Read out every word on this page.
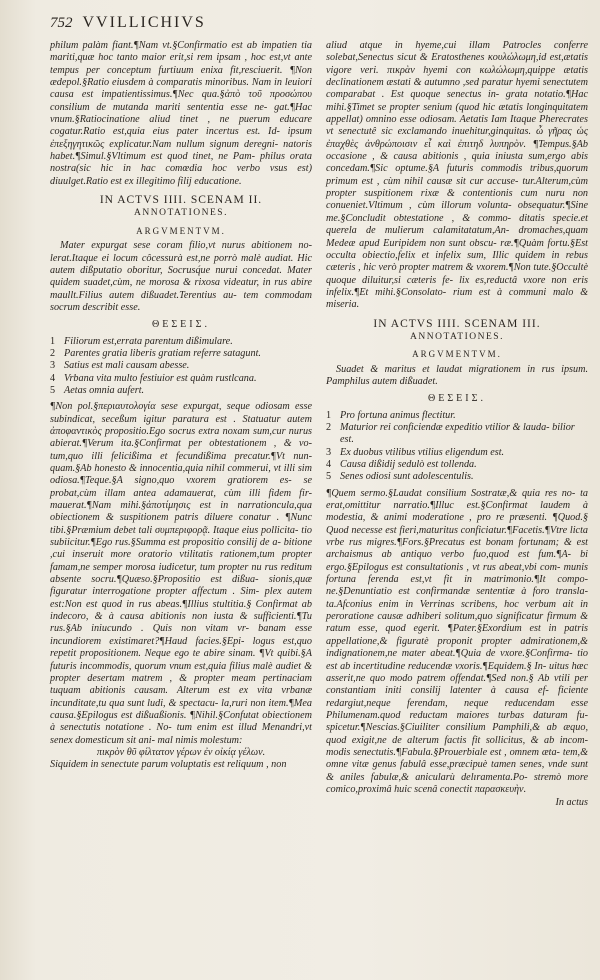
752 VVILLICHIVS

philum palàm fiant.¶Nam vt.§Confirmatio est ab impatien tia mariti,quæ hoc tanto maior erit,si rem ipsam , hoc est,vt ante tempus per conceptum furtiuum enixa fit,resciuerit. ¶Non ædepol.§Ratio eiusdem à comparatis minoribus. Nam in leuiori causa est impatientissimus.¶Nec qua.§ἀπὸ τοῦ προσώπου consilium de mutanda mariti sententia esse ne- gat.¶Hac vnum.§Ratiocinatione aliud tinet , ne puerum educare cogatur.Ratio est,quia eius pater incertus est. Id- ipsum ἐπεξηγητικῶς explicatur.Nam nullum signum deregni- natoris habet.¶Simul.§Vltimum est quod tinet, ne Pam- philus orata nostra(sic hic in hac comœdia hoc verbo vsus est) diuulget.Ratio est ex illegitimo filij educatione.

IN ACTVS IIII. SCENAM II.
ANNOTATIONES.
ARGVMENTVM.

Mater expurgat sese coram filio,vt nurus abitionem no- lerat.Itaque ei locum côcessurà est,ne porrò malè audiat. Hic autem dißputatio oboritur, Socrusq́ue nurui concedat. Mater quidem suadet,cùm, ne morosa & rixosa videatur, in rus abire maullt.Filius autem dißuadet.Terentius au- tem commodam socrum describit esse.

ΘΕΣΕΙΣ.
1 Filiorum est,errata parentum dißimulare.
2 Parentes gratia liberis gratiam referre satagunt.
3 Satius est mali causam abesse.
4 Vrbana vita multo festiuior est quàm rustlcana.
5 Aetas omnia aufert.

¶Non pol.§περιαυτολογία sese expurgat, seque odiosam esse subindicat, seceßum igitur paratura est . Statuatur autem ἀποφαντικὸς propositio.Ego socrus extra noxam sum,cur nurus abierat.¶Verum ita.§Confirmat per obtestationem , & vo- tum,quo illi felicißima et fecundißima precatur.¶Vt nun- quam.§Ab honesto & innocentia,quia nihil commerui, vt illi sim odiosa.¶Teque.§A signo,quo vxorem gratiorem es- se probat,cùm illam antea adamauerat, cùm illi fidem fir- mauerat.¶Nam mihi.§ἀποτίμησις est in narrationcula,qua obiectionem & suspitionem patris diluere conatur . ¶Nunc tibi.§Præmium debet tali συμπεριφορᾷ. Itaque eius pollicita- tio subiicitur.¶Ego rus.§Summa est propositio consilij de a- bitione ,cui inseruit more oratorio vtilitatis rationem,tum propter famam,ne semper morosa iudicetur, tum propter nu rus reditum absente socru.¶Quæso.§Propositio est dißua- sionis,quæ figuratur interrogatione propter affectum . Sim- plex autem est:Non est quod in rus abeas.¶Illius stultitia.§ Confirmat ab indecoro, & à causa abitionis non iusta & sufficienti.¶Tu rus.§Ab iniucundo . Quis non vitam vr- banam esse incundiorem existimaret?¶Haud facies.§Epi- logus est,quo repetit propositionem. Neque ego te abire sinam. ¶Vt quibi.§A futuris incommodis, quorum vnum est,quia filius malè audiet & propter desertam matrem , & propter meam pertinaciam tuquam abitionis causam. Alterum est ex vita vrbanæ incunditate,tu qua sunt ludi, & spectacu- la,ruri non item.¶Mea causa.§Epilogus est dißuaßionis. ¶Nihil.§Confutat obiectionem à senectutis notatione . No- tum enim est illud Menandri,vt senex domesticum sit ani- mal nimis molestum:

πικρὸν θῦ φίλτατον γέρων ἐν οἰκίᾳ γέλων.

Siquidem in senectute parum voluptatis est reliquum , non

aliud atque in hyeme,cui illam Patrocles conferre solebat,Senectus sicut & Eratosthenes κουλώλωμη,id est,ætatis vigore veri. πικρὰν hyemi con κωλώλωμη,quippe ætatis declinationem æstati & autumno ,sed paratur hyemi senectutem comparabat . Est quoque senectus in- grata notatio.¶Hac mihi.§Timet se propter senium (quod hic ætatis longinquitatem appellat) omnino esse odiosam. Aetatis Iam Itaque Pherecrates vt senectutê sic exclamando inuehitur,ginquitas. ὦ γῆρας ὡς ἐπαχθὲς ἀνθρώποισιν εἶ καὶ ἐπιτηδ λυπηρὸν. ¶Tempus.§Ab occasione , & causa abitionis , quia iniusta sum,ergo abis concedam.¶Sic optume.§A futuris commodis tribus,quorum primum est , cùm nihil causæ sit cur accuse- tur.Alterum,cùm propter suspitionem rixæ & contentionis cum nuru non conueniet.Vltimum , cùm illorum volunta- obsequatur.¶Sine me.§Concludit obtestatione , & commo- ditatis specie.et querela de mulierum calamitatatum,An- dromaches,quam Medeæ apud Euripidem non sunt obscu- ræ.¶Quàm fortu.§Est occulta obiectio,felix et infelix sum, Illic quidem in rebus cæteris , hic verò propter matrem & vxorem.¶Non tute.§Occultè quoque diluitur,si cæteris fe- lix es,reductâ vxore non eris infelix.¶Et mihi.§Consolato- rium est à communi malo & miseria.

IN ACTVS IIII. SCENAM III.
ANNOTATIONES.
ARGVMENTVM.

Suadet & maritus et laudat migrationem in rus ipsum. Pamphilus autem dißuadet.

ΘΕΣΕΙΣ.
1 Pro fortuna animus flectitur.
2 Maturior rei conficiendæ expeditio vtilior & lauda- bilior est.
3 Ex duobus vtilibus vtilius eligendum est.
4 Causa dißidij sedulò est tollenda.
5 Senes odiosi sunt adolescentulis.

¶Quem sermo.§Laudat consilium Sostratæ,& quia res no- ta erat,omittitur narratio.¶Illuc est.§Confirmat laudem à modestia, & animi moderatione , pro re præsenti. ¶Quod.§ Quod necesse est fieri,maturitus conficiatur.¶Facetis.¶Vtre licta vrbe rus migres.¶Fors.§Precatus est bonam fortunam; & est archaismus ab antiquo verbo fuo,quod est fum.¶A- bi ergo.§Epilogus est consultationis , vt rus abeat,vbi com- munis fortuna ferenda est,vt fit in matrimonio.¶It compo- ne.§Denuntiatio est confirmandæ sententiæ à foro transla- ta.Afconius enim in Verrinas scribens, hoc verbum ait in peroratione causæ adhiberi solitum,quo significatur firmum & ratum esse, quod egerit. ¶Pater.§Exordium est in patris appellatione,& figuratè proponit propter admirationem,& indignationem,ne mater abeat.¶Quia de vxore.§Confirma- tio est ab incertitudine reducendæ vxoris.¶Equidem.§ In- uitus hæc asserit,ne quo modo patrem offendat.¶Sed non.§ Ab vtili per constantiam initi consilij latenter à causa ef- ficiente redargiut,neque ferendam, neque reducendam esse Philumenam.quod reductam maiores turbas daturam fu- spicetur.¶Nescias.§Ciuiliter consilium Pamphili,& ab æquo, quod exigit,ne de alterum factis fit sollicitus, & ab incom- modis senectutis.¶Fabula.§Prouerbiale est , omnem æta- tem,& omne vitæ genus fabulâ esse,præcipuè tamen senes, vnde sunt & aniles fabulæ,& anicularù delıramenta.Po- stremò more comico,proximâ huic scenâ conectit παρασκευὴν.

In actus
